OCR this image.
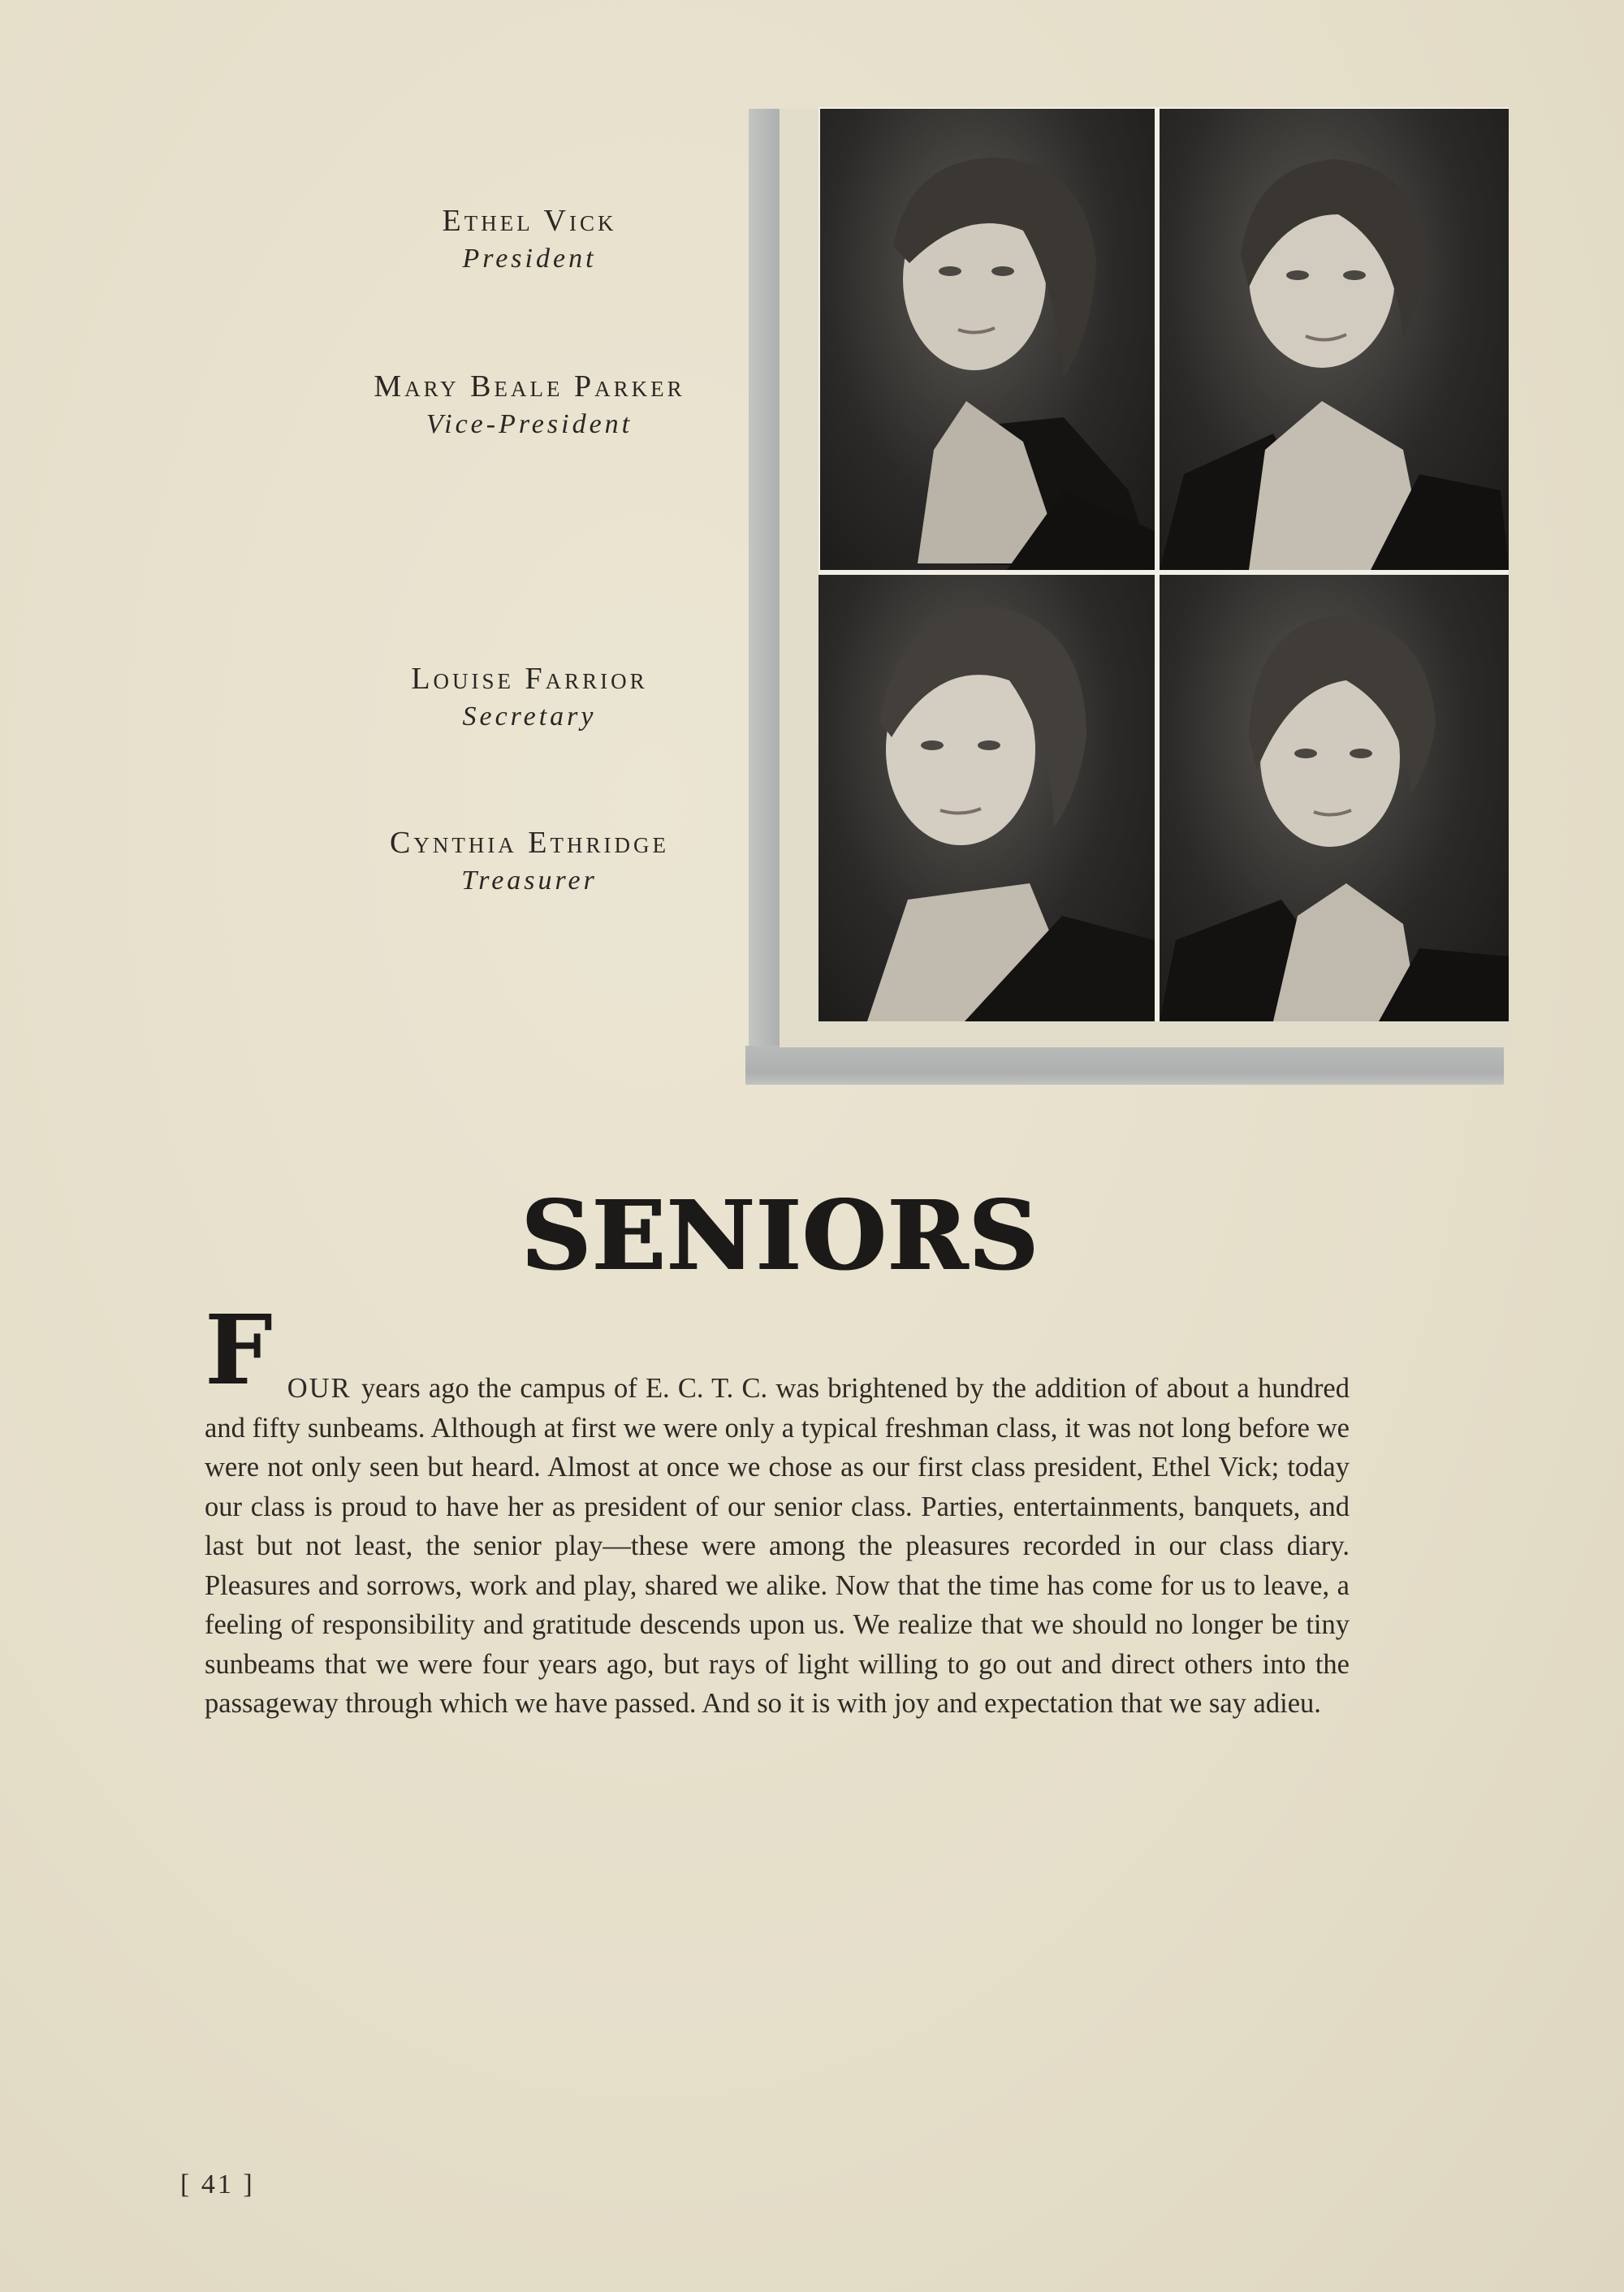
Ethel Vick
President
Mary Beale Parker
Vice-President
Louise Farrior
Secretary
Cynthia Ethridge
Treasurer
SENIORS
F OUR years ago the campus of E. C. T. C. was brightened by the addition of about a hundred and fifty sunbeams. Although at first we were only a typical freshman class, it was not long before we were not only seen but heard. Almost at once we chose as our first class president, Ethel Vick; today our class is proud to have her as president of our senior class. Parties, entertainments, banquets, and last but not least, the senior play—these were among the pleasures recorded in our class diary. Pleasures and sorrows, work and play, shared we alike. Now that the time has come for us to leave, a feeling of responsibility and gratitude descends upon us. We realize that we should no longer be tiny sunbeams that we were four years ago, but rays of light willing to go out and direct others into the passageway through which we have passed. And so it is with joy and expectation that we say adieu.
[ 41 ]
